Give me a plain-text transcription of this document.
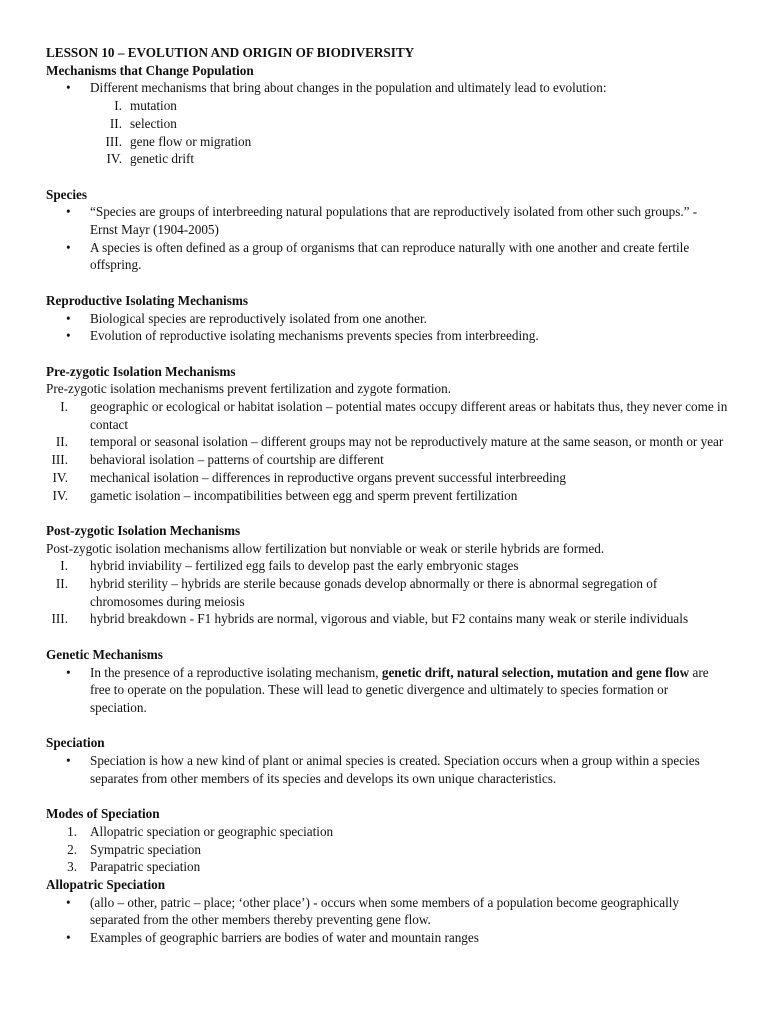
LESSON 10 – EVOLUTION AND ORIGIN OF BIODIVERSITY
Mechanisms that Change Population
•	Different mechanisms that bring about changes in the population and ultimately lead to evolution:
I. mutation
II. selection
III. gene flow or migration
IV. genetic drift
Species
•	“Species are groups of interbreeding natural populations that are reproductively isolated from other such groups.” - Ernst Mayr (1904-2005)
•	A species is often defined as a group of organisms that can reproduce naturally with one another and create fertile offspring.
Reproductive Isolating Mechanisms
•	Biological species are reproductively isolated from one another.
•	Evolution of reproductive isolating mechanisms prevents species from interbreeding.
Pre-zygotic Isolation Mechanisms
Pre-zygotic isolation mechanisms prevent fertilization and zygote formation.
I.	geographic or ecological or habitat isolation – potential mates occupy different areas or habitats thus, they never come in contact
II.	temporal or seasonal isolation – different groups may not be reproductively mature at the same season, or month or year
III.	behavioral isolation – patterns of courtship are different
IV.	mechanical isolation – differences in reproductive organs prevent successful interbreeding
IV.	gametic isolation – incompatibilities between egg and sperm prevent fertilization
Post-zygotic Isolation Mechanisms
Post-zygotic isolation mechanisms allow fertilization but nonviable or weak or sterile hybrids are formed.
I.	hybrid inviability – fertilized egg fails to develop past the early embryonic stages
II.	hybrid sterility – hybrids are sterile because gonads develop abnormally or there is abnormal segregation of chromosomes during meiosis
III.	hybrid breakdown - F1 hybrids are normal, vigorous and viable, but F2 contains many weak or sterile individuals
Genetic Mechanisms
•	In the presence of a reproductive isolating mechanism, genetic drift, natural selection, mutation and gene flow are free to operate on the population. These will lead to genetic divergence and ultimately to species formation or speciation.
Speciation
•	Speciation is how a new kind of plant or animal species is created. Speciation occurs when a group within a species separates from other members of its species and develops its own unique characteristics.
Modes of Speciation
1. Allopatric speciation or geographic speciation
2. Sympatric speciation
3. Parapatric speciation
Allopatric Speciation
•	(allo – other, patric – place; ‘other place’) - occurs when some members of a population become geographically separated from the other members thereby preventing gene flow.
•	Examples of geographic barriers are bodies of water and mountain ranges
